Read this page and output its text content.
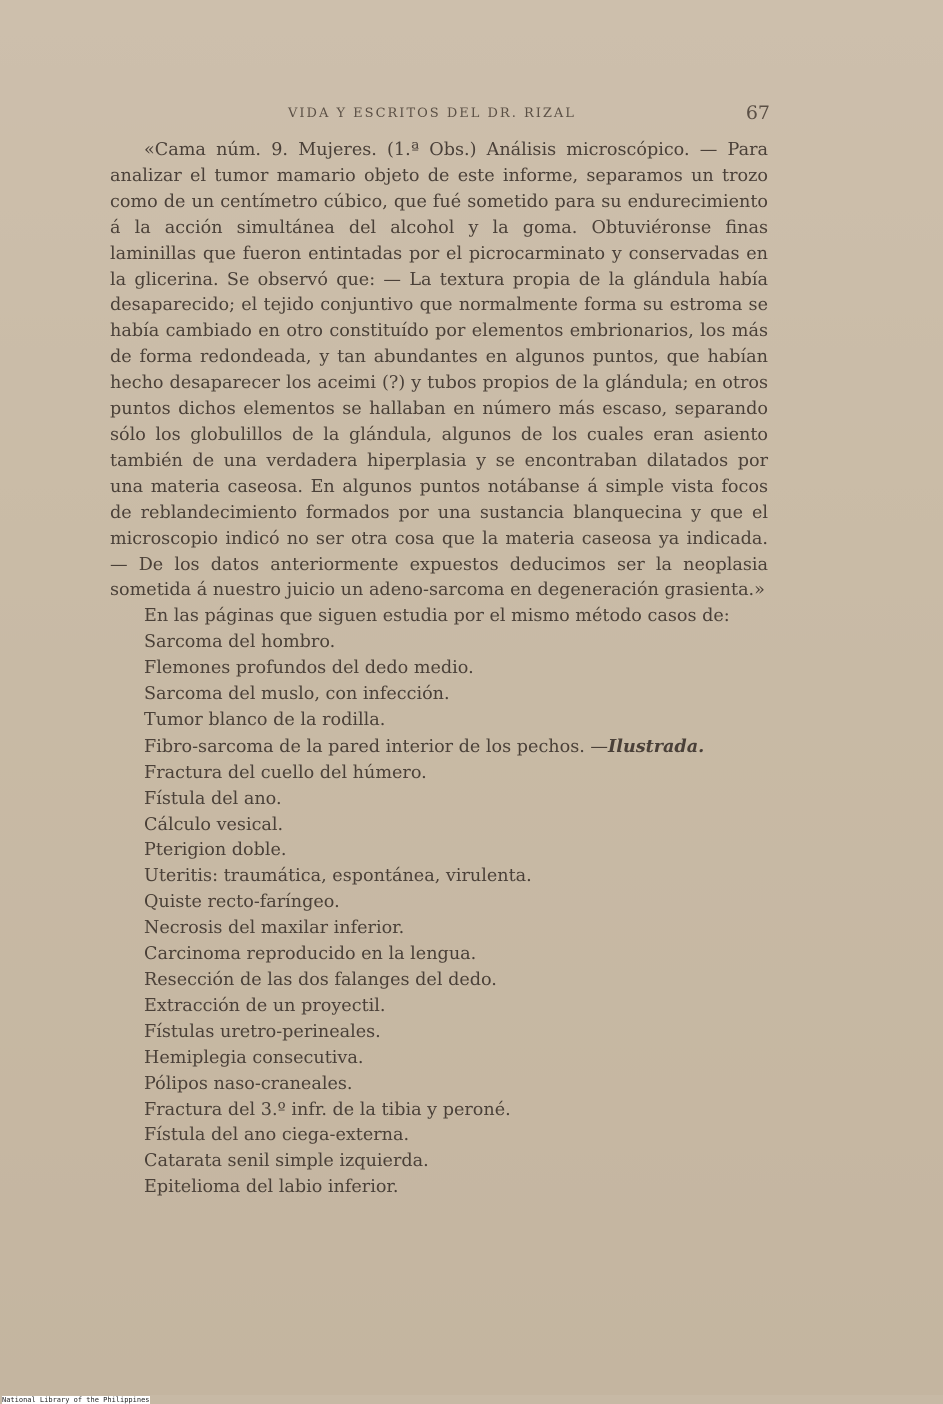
VIDA Y ESCRITOS DEL DR. RIZAL	67

«Cama núm. 9. Mujeres. (1.ª Obs.) Análisis microscópico. — Para analizar el tumor mamario objeto de este informe, separamos un trozo como de un centímetro cúbico, que fué sometido para su endurecimiento á la acción simultánea del alcohol y la goma. Obtuviéronse finas laminillas que fueron entintadas por el picrocarminato y conservadas en la glicerina. Se observó que: — La textura propia de la glándula había desaparecido; el tejido conjuntivo que normalmente forma su estroma se había cambiado en otro constituído por elementos embrionarios, los más de forma redondeada, y tan abundantes en algunos puntos, que habían hecho desaparecer los aceimi (?) y tubos propios de la glándula; en otros puntos dichos elementos se hallaban en número más escaso, separando sólo los globulillos de la glándula, algunos de los cuales eran asiento también de una verdadera hiperplasia y se encontraban dilatados por una materia caseosa. En algunos puntos notábanse á simple vista focos de reblandecimiento formados por una sustancia blanquecina y que el microscopio indicó no ser otra cosa que la materia caseosa ya indicada. — De los datos anteriormente expuestos deducimos ser la neoplasia sometida á nuestro juicio un adeno-sarcoma en degeneración grasienta.»

En las páginas que siguen estudia por el mismo método casos de:

Sarcoma del hombro.
Flemones profundos del dedo medio.
Sarcoma del muslo, con infección.
Tumor blanco de la rodilla.
Fibro-sarcoma de la pared interior de los pechos. —Ilustrada.
Fractura del cuello del húmero.
Fístula del ano.
Cálculo vesical.
Pterigion doble.
Uteritis: traumática, espontánea, virulenta.
Quiste recto-faríngeo.
Necrosis del maxilar inferior.
Carcinoma reproducido en la lengua.
Resección de las dos falanges del dedo.
Extracción de un proyectil.
Fístulas uretro-perineales.
Hemiplegia consecutiva.
Pólipos naso-craneales.
Fractura del 3.º infr. de la tibia y peroné.
Fístula del ano ciega-externa.
Catarata senil simple izquierda.
Epitelioma del labio inferior.
National Library of the Philippines
